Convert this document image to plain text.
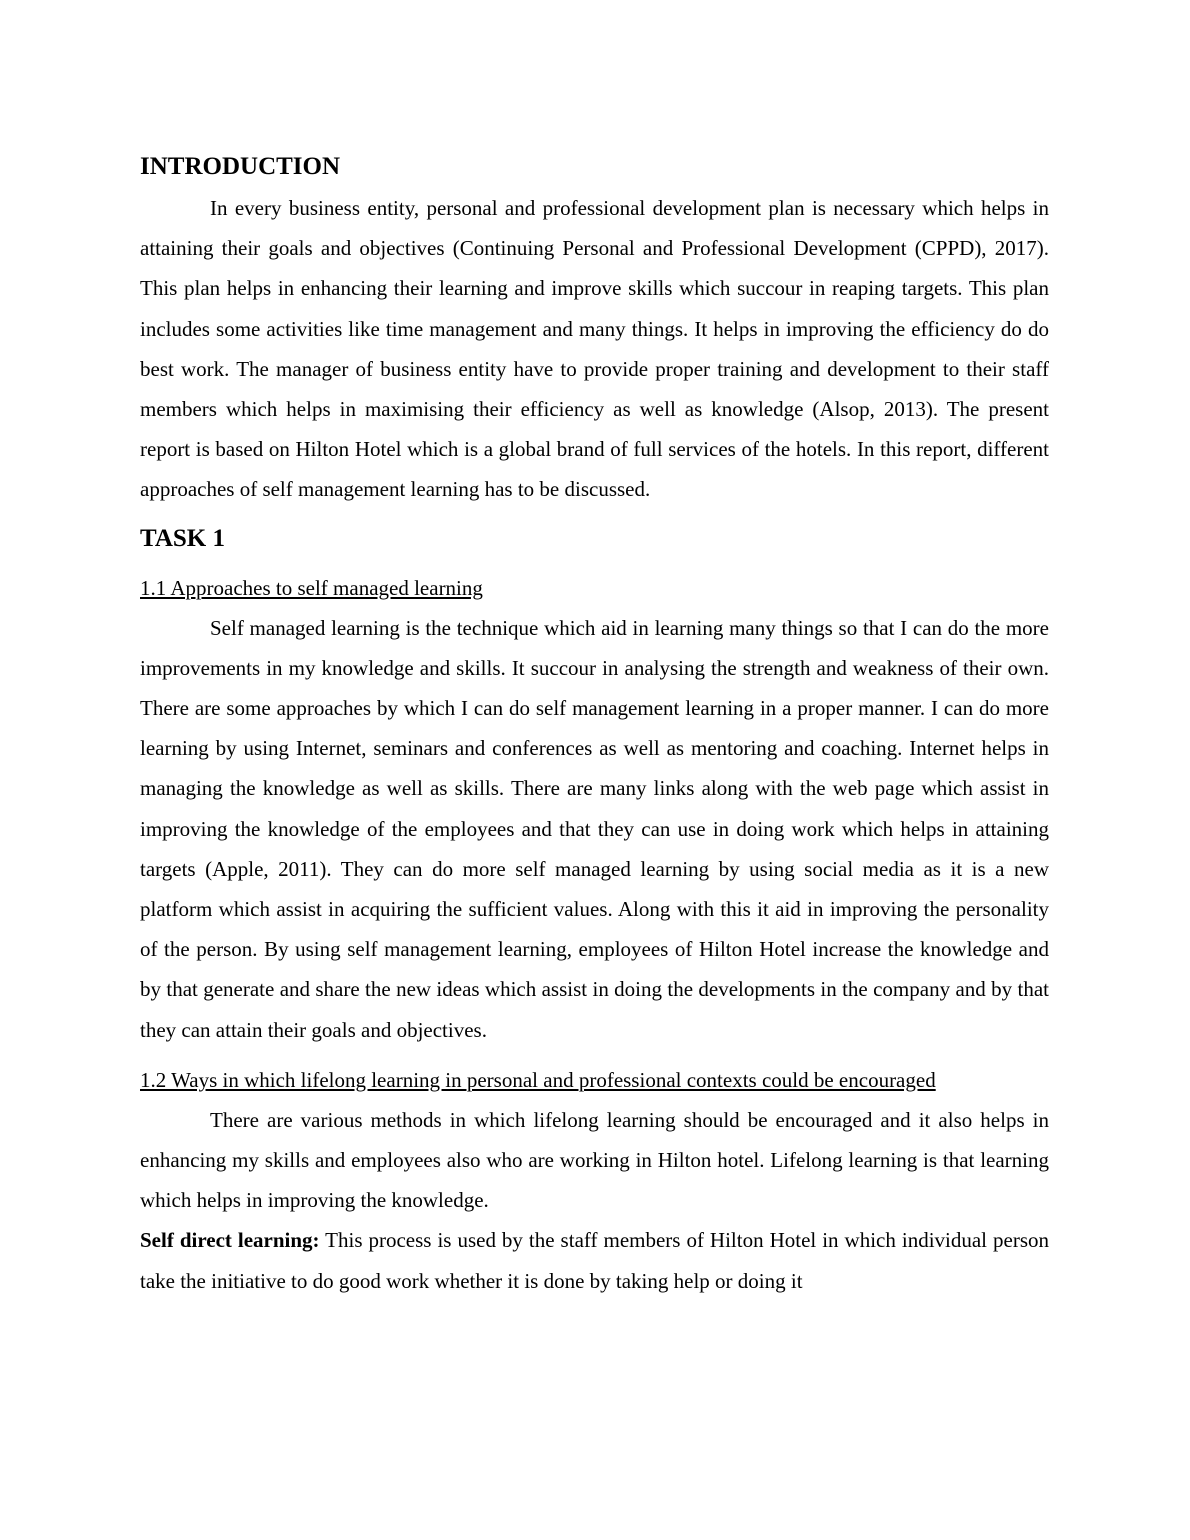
INTRODUCTION

In every business entity, personal and professional development plan is necessary which helps in attaining their goals and objectives (Continuing Personal and Professional Development (CPPD), 2017). This plan helps in enhancing their learning and improve skills which succour in reaping targets. This plan includes some activities like time management and many things. It helps in improving the efficiency do do best work. The manager of business entity have to provide proper training and development to their staff members which helps in maximising their efficiency as well as knowledge (Alsop, 2013). The present report is based on Hilton Hotel which is a global brand of full services of the hotels. In this report, different approaches of self management learning has to be discussed.

TASK 1
1.1 Approaches to self managed learning

Self managed learning is the technique which aid in learning many things so that I can do the more improvements in my knowledge and skills. It succour in analysing the strength and weakness of their own. There are some approaches by which I can do self management learning in a proper manner. I can do more learning by using Internet, seminars and conferences as well as mentoring and coaching. Internet helps in managing the knowledge as well as skills. There are many links along with the web page which assist in improving the knowledge of the employees and that they can use in doing work which helps in attaining targets (Apple, 2011). They can do more self managed learning by using social media as it is a new platform which assist in acquiring the sufficient values. Along with this it aid in improving the personality of the person. By using self management learning, employees of Hilton Hotel increase the knowledge and by that generate and share the new ideas which assist in doing the developments in the company and by that they can attain their goals and objectives.

1.2 Ways in which lifelong learning in personal and professional contexts could be encouraged

There are various methods in which lifelong learning should be encouraged and it also helps in enhancing my skills and employees also who are working in Hilton hotel. Lifelong learning is that learning which helps in improving the knowledge.

Self direct learning: This process is used by the staff members of Hilton Hotel in which individual person take the initiative to do good work whether it is done by taking help or doing it
